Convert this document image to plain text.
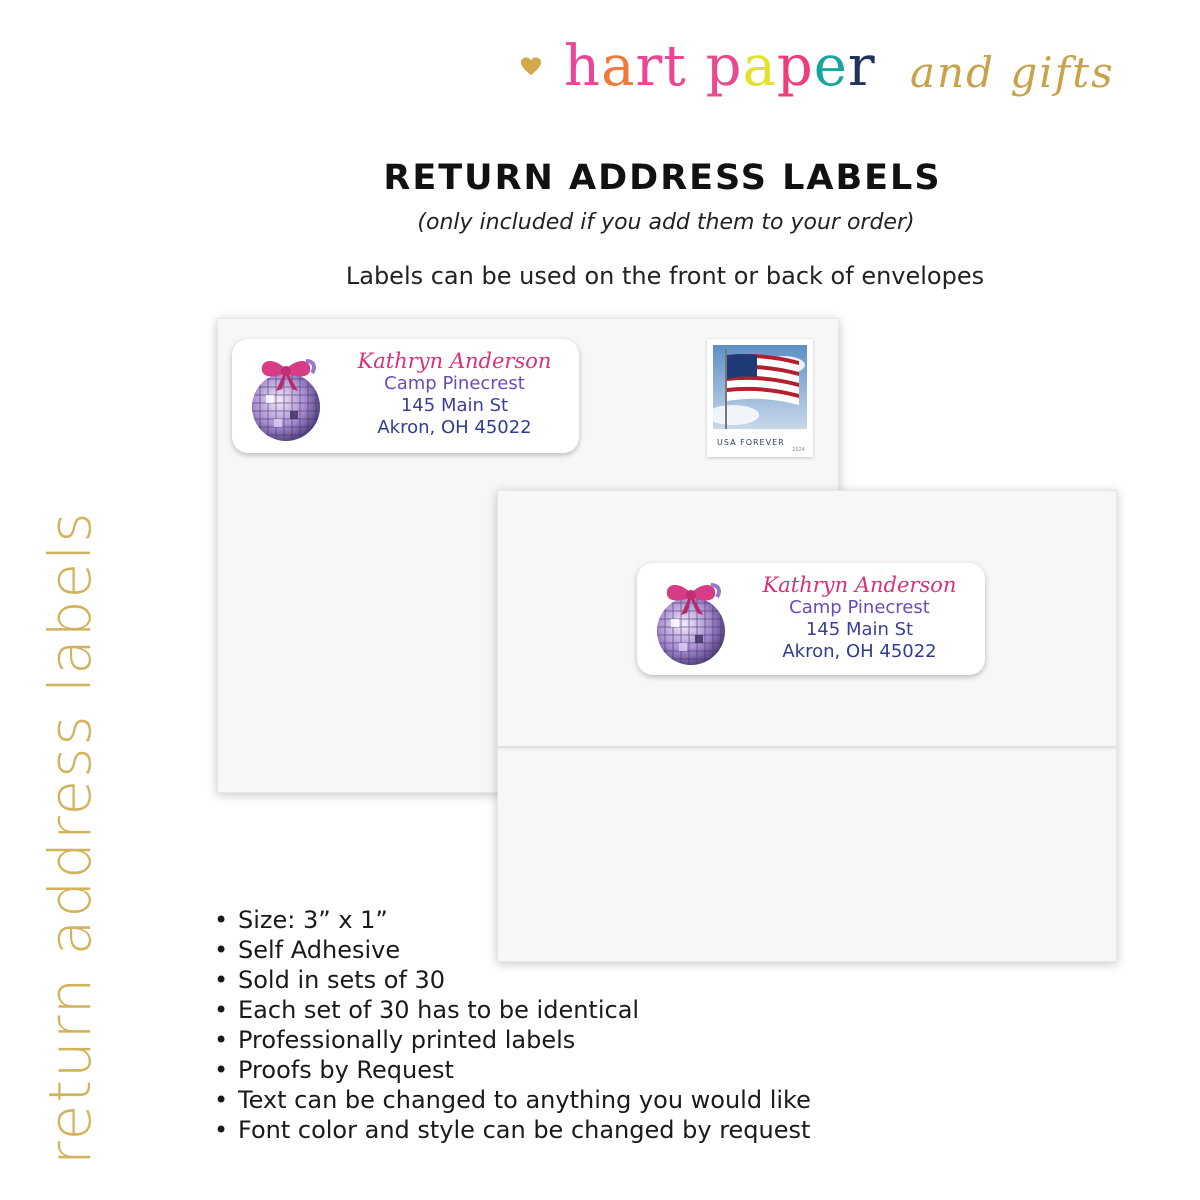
hart paper and gifts
RETURN ADDRESS LABELS
(only included if you add them to your order)
Labels can be used on the front or back of envelopes
return address labels
Kathryn Anderson
Camp Pinecrest
145 Main St
Akron, OH 45022
USA FOREVER
2024
Kathryn Anderson
Camp Pinecrest
145 Main St
Akron, OH 45022
• Size: 3” x 1”
• Self Adhesive
• Sold in sets of 30
• Each set of 30 has to be identical
• Professionally printed labels
• Proofs by Request
• Text can be changed to anything you would like
• Font color and style can be changed by request
